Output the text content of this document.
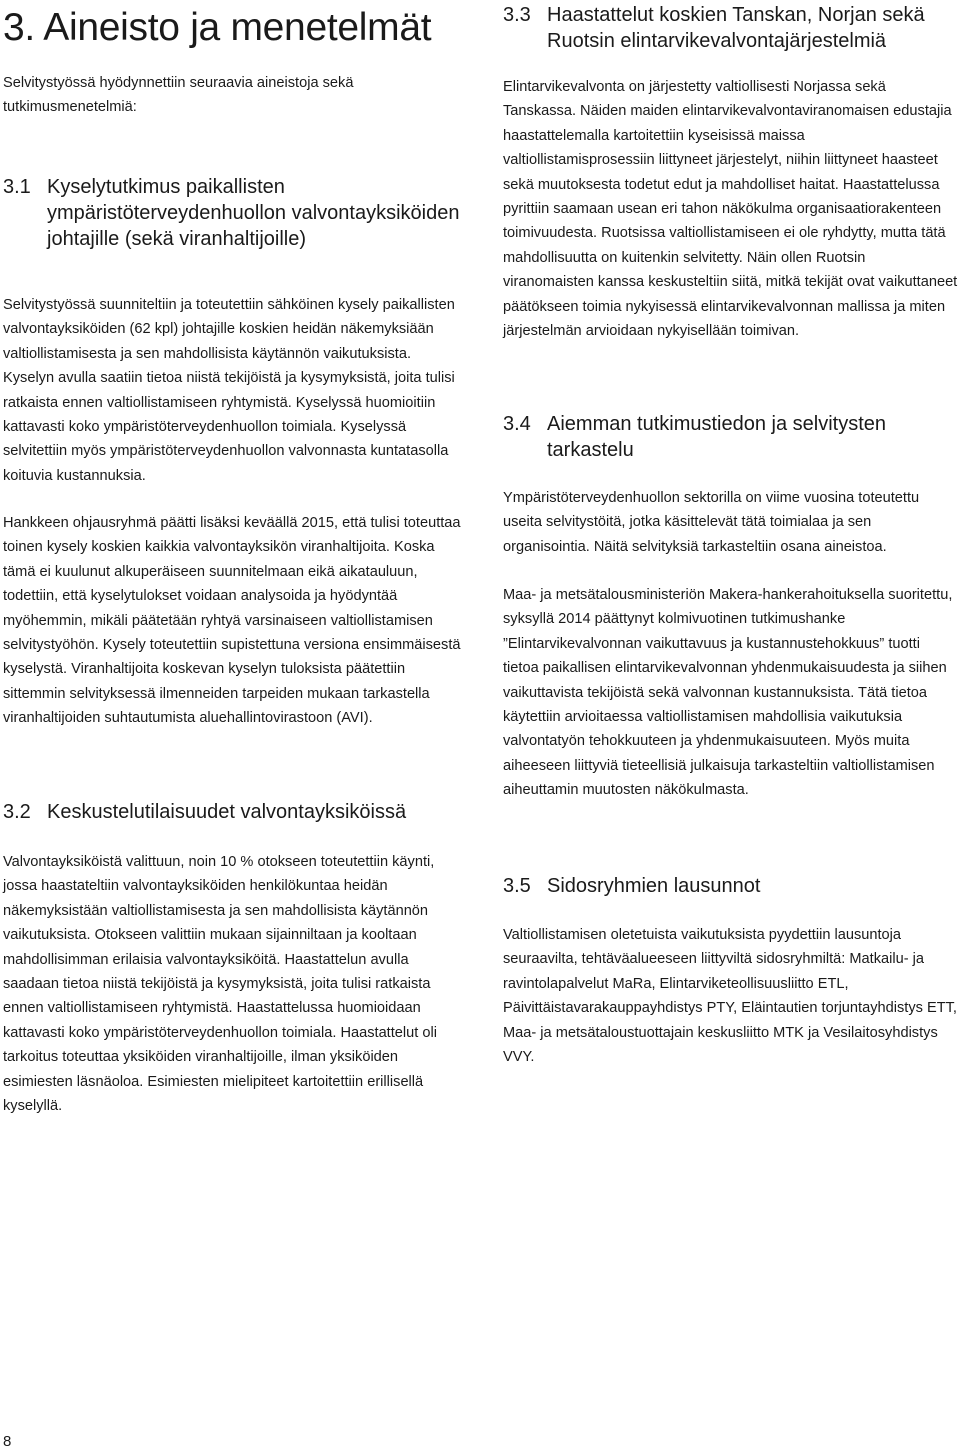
3. Aineisto ja menetelmät

Selvitystyössä hyödynnettiin seuraavia aineistoja sekä tutkimusmenetelmiä:

3.1 Kyselytutkimus paikallisten ympäristöterveydenhuollon valvontayksiköiden johtajille (sekä viranhaltijoille)

Selvitystyössä suunniteltiin ja toteutettiin sähköinen kysely paikallisten valvontayksiköiden (62 kpl) johtajille koskien heidän näkemyksiään valtiollistamisesta ja sen mahdollisista käytännön vaikutuksista. Kyselyn avulla saatiin tietoa niistä tekijöistä ja kysymyksistä, joita tulisi ratkaista ennen valtiollistamiseen ryhtymistä. Kyselyssä huomioitiin kattavasti koko ympäristöterveydenhuollon toimiala. Kyselyssä selvitettiin myös ympäristöterveydenhuollon valvonnasta kuntatasolla koituvia kustannuksia.

Hankkeen ohjausryhmä päätti lisäksi keväällä 2015, että tulisi toteuttaa toinen kysely koskien kaikkia valvontayksikön viranhaltijoita. Koska tämä ei kuulunut alkuperäiseen suunnitelmaan eikä aikatauluun, todettiin, että kyselytulokset voidaan analysoida ja hyödyntää myöhemmin, mikäli päätetään ryhtyä varsinaiseen valtiollistamisen selvitystyöhön. Kysely toteutettiin supistettuna versiona ensimmäisestä kyselystä. Viranhaltijoita koskevan kyselyn tuloksista päätettiin sittemmin selvityksessä ilmenneiden tarpeiden mukaan tarkastella viranhaltijoiden suhtautumista aluehallintovirastoon (AVI).

3.2 Keskustelutilaisuudet valvontayksiköissä

Valvontayksiköistä valittuun, noin 10 % otokseen toteutettiin käynti, jossa haastateltiin valvontayksiköiden henkilökuntaa heidän näkemyksistään valtiollistamisesta ja sen mahdollisista käytännön vaikutuksista. Otokseen valittiin mukaan sijainniltaan ja kooltaan mahdollisimman erilaisia valvontayksiköitä. Haastattelun avulla saadaan tietoa niistä tekijöistä ja kysymyksistä, joita tulisi ratkaista ennen valtiollistamiseen ryhtymistä. Haastattelussa huomioidaan kattavasti koko ympäristöterveydenhuollon toimiala. Haastattelut oli tarkoitus toteuttaa yksiköiden viranhaltijoille, ilman yksiköiden esimiesten läsnäoloa. Esimiesten mielipiteet kartoitettiin erillisellä kyselyllä.

3.3 Haastattelut koskien Tanskan, Norjan sekä Ruotsin elintarvikevalvontajärjestelmiä

Elintarvikevalvonta on järjestetty valtiollisesti Norjassa sekä Tanskassa. Näiden maiden elintarvikevalvontaviranomaisen edustajia haastattelemalla kartoitettiin kyseisissä maissa valtiollistamisprosessiin liittyneet järjestelyt, niihin liittyneet haasteet sekä muutoksesta todetut edut ja mahdolliset haitat. Haastattelussa pyrittiin saamaan usean eri tahon näkökulma organisaatiorakenteen toimivuudesta. Ruotsissa valtiollistamiseen ei ole ryhdytty, mutta tätä mahdollisuutta on kuitenkin selvitetty. Näin ollen Ruotsin viranomaisten kanssa keskusteltiin siitä, mitkä tekijät ovat vaikuttaneet päätökseen toimia nykyisessä elintarvikevalvonnan mallissa ja miten järjestelmän arvioidaan nykyisellään toimivan.

3.4 Aiemman tutkimustiedon ja selvitysten tarkastelu

Ympäristöterveydenhuollon sektorilla on viime vuosina toteutettu useita selvitystöitä, jotka käsittelevät tätä toimialaa ja sen organisointia. Näitä selvityksiä tarkasteltiin osana aineistoa.

Maa- ja metsätalousministeriön Makera-hankerahoituksella suoritettu, syksyllä 2014 päättynyt kolmivuotinen tutkimushanke ”Elintarvikevalvonnan vaikuttavuus ja kustannustehokkuus” tuotti tietoa paikallisen elintarvikevalvonnan yhdenmukaisuudesta ja siihen vaikuttavista tekijöistä sekä valvonnan kustannuksista. Tätä tietoa käytettiin arvioitaessa valtiollistamisen mahdollisia vaikutuksia valvontatyön tehokkuuteen ja yhdenmukaisuuteen. Myös muita aiheeseen liittyviä tieteellisiä julkaisuja tarkasteltiin valtiollistamisen aiheuttamin muutosten näkökulmasta.

3.5 Sidosryhmien lausunnot

Valtiollistamisen oletetuista vaikutuksista pyydettiin lausuntoja seuraavilta, tehtäväalueeseen liittyviltä sidosryhmiltä: Matkailu- ja ravintolapalvelut MaRa, Elintarviketeollisuusliitto ETL, Päivittäistavarakauppayhdistys PTY, Eläintautien torjuntayhdistys ETT, Maa- ja metsätaloustuottajain keskusliitto MTK ja Vesilaitosyhdistys VVY.

8
